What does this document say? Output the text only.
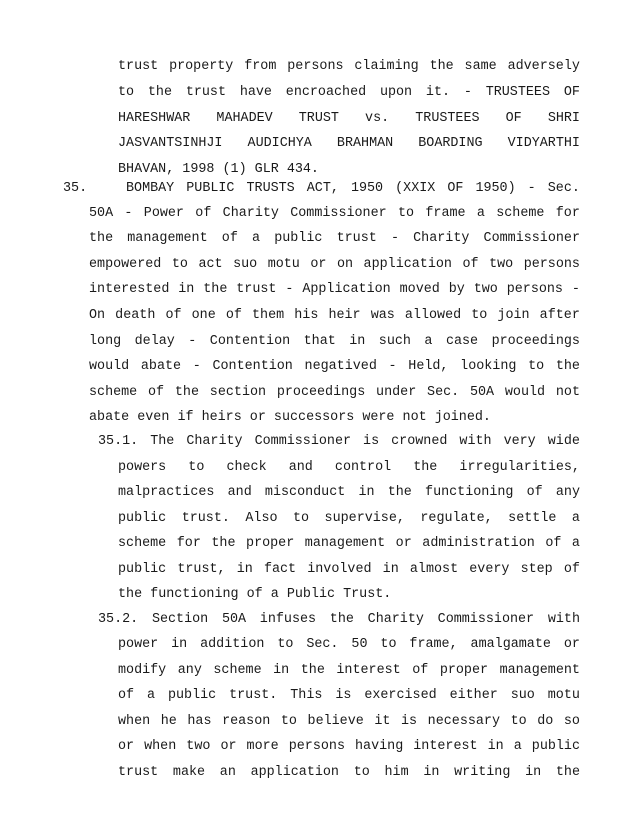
trust property from persons claiming the same adversely
to the trust have encroached upon it. - TRUSTEES OF
HARESHWAR MAHADEV TRUST vs. TRUSTEES OF SHRI
JASVANTSINHJI AUDICHYA BRAHMAN BOARDING VIDYARTHI
BHAVAN, 1998 (1) GLR 434.
35.	BOMBAY PUBLIC TRUSTS ACT, 1950 (XXIX OF 1950) - Sec.
50A - Power of Charity Commissioner to frame a scheme for
the management of a public trust - Charity Commissioner
empowered to act suo motu or on application of two persons
interested in the trust - Application moved by two persons -
On death of one of them his heir was allowed to join after
long delay - Contention that in such a case proceedings
would abate - Contention negatived - Held, looking to the
scheme of the section proceedings under Sec. 50A would not
abate even if heirs or successors were not joined.
35.1. The Charity Commissioner is crowned with very wide
powers to check and control the irregularities,
malpractices and misconduct in the functioning of any
public trust. Also to supervise, regulate, settle a
scheme for the proper management or administration of a
public trust, in fact involved in almost every step of
the functioning of a Public Trust.
35.2. Section 50A infuses the Charity Commissioner with
power in addition to Sec. 50 to frame, amalgamate or
modify any scheme in the interest of proper management
of a public trust. This is exercised either suo motu
when he has reason to believe it is necessary to do so
or when two or more persons having interest in a public
trust make an application to him in writing in the
